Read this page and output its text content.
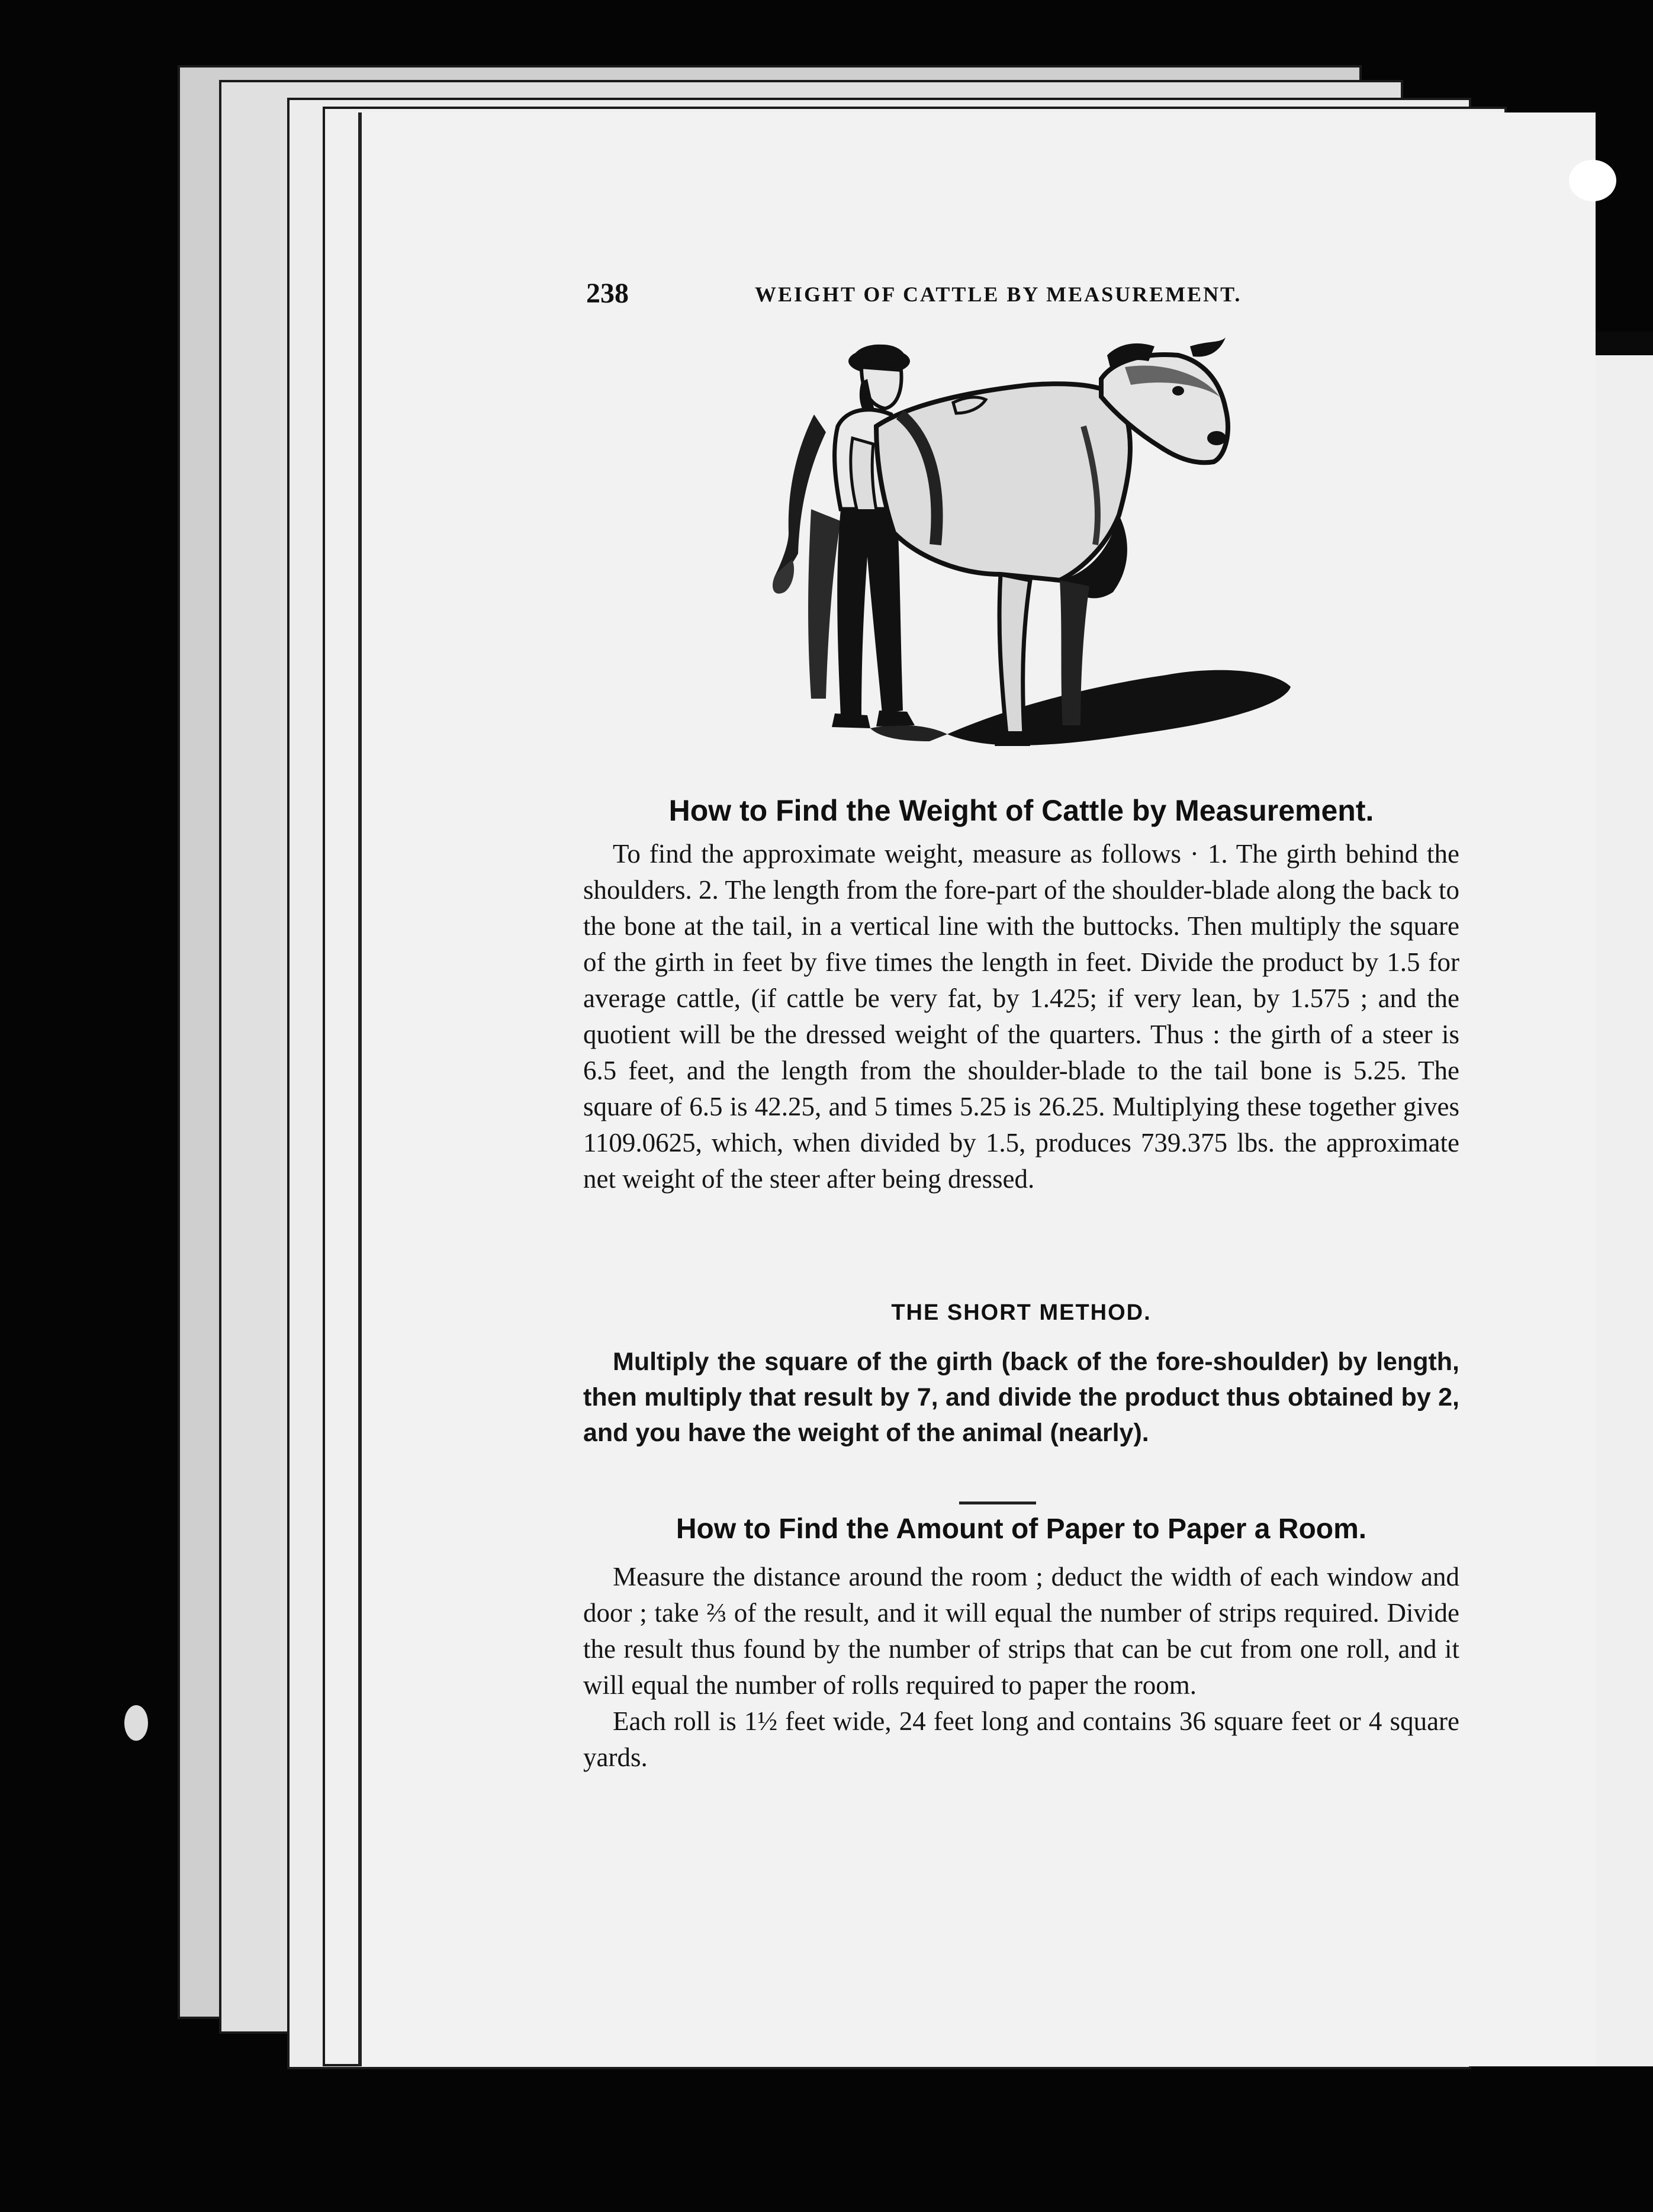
238	WEIGHT OF CATTLE BY MEASUREMENT.
How to Find the Weight of Cattle by Measurement.

To find the approximate weight, measure as follows · 1. The girth behind the shoulders. 2. The length from the fore-part of the shoulder-blade along the back to the bone at the tail, in a vertical line with the buttocks. Then multiply the square of the girth in feet by five times the length in feet. Divide the product by 1.5 for average cattle, (if cattle be very fat, by 1.425; if very lean, by 1.575 ; and the quotient will be the dressed weight of the quarters. Thus : the girth of a steer is 6.5 feet, and the length from the shoulder-blade to the tail bone is 5.25. The square of 6.5 is 42.25, and 5 times 5.25 is 26.25. Multiplying these together gives 1109.0625, which, when divided by 1.5, produces 739.375 lbs. the approximate net weight of the steer after being dressed.

THE SHORT METHOD.

Multiply the square of the girth (back of the fore-shoulder) by length, then multiply that result by 7, and divide the product thus obtained by 2, and you have the weight of the animal (nearly).

How to Find the Amount of Paper to Paper a Room.

Measure the distance around the room ; deduct the width of each window and door ; take ⅔ of the result, and it will equal the number of strips required. Divide the result thus found by the number of strips that can be cut from one roll, and it will equal the number of rolls required to paper the room.

Each roll is 1½ feet wide, 24 feet long and contains 36 square feet or 4 square yards.
